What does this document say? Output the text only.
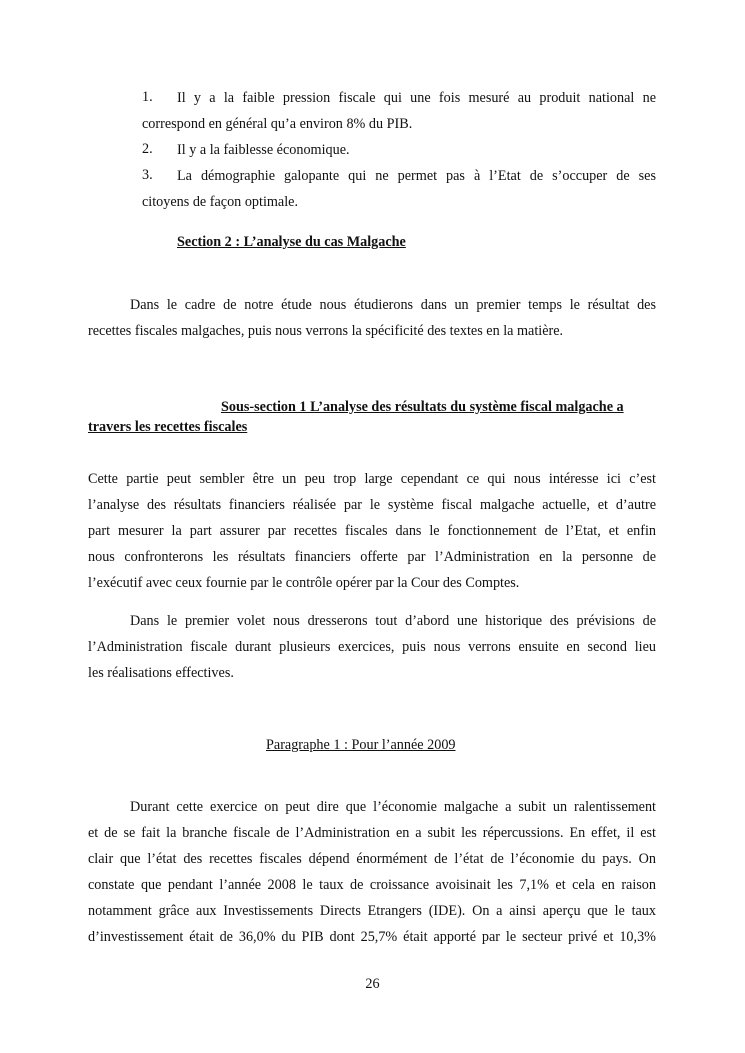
1. Il y a la faible pression fiscale qui une fois mesuré au produit national ne
correspond en général qu’a environ 8% du PIB.
2. Il y a la faiblesse économique.
3. La démographie galopante qui ne permet pas à l’Etat de s’occuper de ses
citoyens de façon optimale.
Section 2 : L’analyse du cas Malgache
Dans le cadre de notre étude nous étudierons dans un premier temps le résultat des
recettes fiscales malgaches, puis nous verrons la spécificité des textes en la matière.
Sous-section 1 L’analyse des résultats du système fiscal malgache a
travers les recettes fiscales
Cette partie peut sembler être un peu trop large cependant ce qui nous intéresse ici c’est
l’analyse des résultats financiers réalisée par le système fiscal malgache actuelle, et d’autre
part mesurer la part assurer par recettes fiscales dans le fonctionnement de l’Etat, et enfin
nous confronterons les résultats financiers offerte par l’Administration en la personne de
l’exécutif avec ceux fournie par le contrôle opérer par la Cour des Comptes.
Dans le premier volet nous dresserons tout d’abord une historique des prévisions de
l’Administration fiscale durant plusieurs exercices, puis nous verrons ensuite en second lieu
les réalisations effectives.
Paragraphe 1 : Pour l’année 2009
Durant cette exercice on peut dire que l’économie malgache a subit un ralentissement
et de se fait la branche fiscale de l’Administration en a subit les répercussions. En effet, il est
clair que l’état des recettes fiscales dépend énormément de l’état de l’économie du pays. On
constate que pendant l’année 2008 le taux de croissance avoisinait les 7,1% et cela en raison
notamment grâce aux Investissements Directs Etrangers (IDE). On a ainsi aperçu que le taux
d’investissement était de 36,0% du PIB dont 25,7% était apporté par le secteur privé et 10,3%
26
